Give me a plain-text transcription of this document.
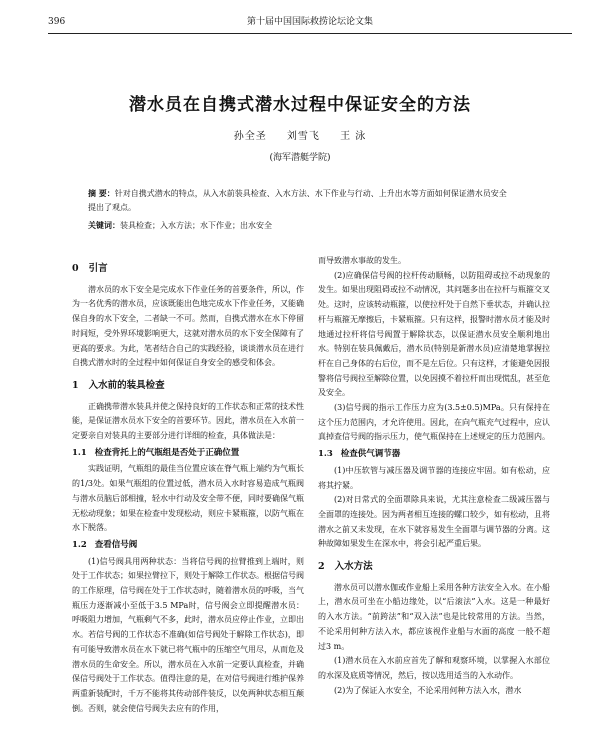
396	第十届中国国际救捞论坛论文集
潜水员在自携式潜水过程中保证安全的方法
孙全圣 刘雪飞 王 泳
(海军潜艇学院)
摘 要：针对自携式潜水的特点，从入水前装具检查、入水方法、水下作业与行动、上升出水等方面如何保证潜水员安全提出了观点。
关键词：装具检查；入水方法；水下作业；出水安全
0 引言

潜水员的水下安全是完成水下作业任务的首要条件，所以，作为一名优秀的潜水员，应该既能出色地完成水下作业任务，又能确保自身的水下安全，二者缺一不可。然而，自携式潜水在水下停留时间短，受外界环境影响更大，这就对潜水员的水下安全保障有了更高的要求。为此，笔者结合自己的实践经验，谈谈潜水员在进行自携式潜水时的全过程中如何保证自身安全的感受和体会。

1 入水前的装具检查

正确携带潜水装具并使之保持良好的工作状态和正常的技术性能，是保证潜水员水下安全的首要环节。因此，潜水员在入水前一定要亲自对装具的主要部分进行详细的检查，具体做法是：

1.1 检查背托上的气瓶组是否处于正确位置

实践证明，气瓶组的最佳当位置应该在脊气瓶上端约为气瓶长的1/3处。如果气瓶组的位置过低，潜水员入水时容易造成气瓶阀与潜水员脑后部相撞，轻水中行动及安全带不便，同时要确保气瓶无松动现象；如果在检查中发现松动，则应卡紧瓶箍，以防气瓶在水下脱落。

1.2 查看信号阀

(1)信号阀具用两种状态：当将信号阀的拉臂推到上端时，则处于工作状态；如果拉臂拉下，则处于解除工作状态。根据信号阀的工作原理，信号阀在处于工作状态时，随着潜水员的呼吸，当气瓶压力逐渐减小至低于3.5 MPa时，信号阀会立即提醒潜水员：呼吸阻力增加，气瓶剩气不多，此时，潜水员应停止作业，立即出水。若信号阀的工作状态不准确(如信号阀处于解除工作状态)，即有可能导致潜水员在水下就已将气瓶中的压缩空气用尽，从而危及潜水员的生命安全。所以，潜水员在入水前一定要认真检查，并确保信号阀处于工作状态。值得注意的是，在对信号阀进行维护保养两重新装配时，千万不能将其传动部件装反，以免两种状态相互颠倒。否则，就会使信号阀失去应有的作用，

而导致潜水事故的发生。

(2)应确保信号阀的拉杆传动顺畅，以防阻碍或拉不动现象的发生。如果出现阻碍或拉不动情况，其问题多出在拉杆与瓶箍交叉处。这时，应该转动瓶箍，以使拉杆处于自然下垂状态，并确认拉杆与瓶箍无摩擦后，卡紧瓶箍。只有这样，报警时潜水员才能及时地通过拉杆将信号阀置于解除状态，以保证潜水员安全顺利地出水。特别在装具佩戴后，潜水员(特别是新潜水员)应清楚地掌握拉杆在自己身体的右后位，而不是左后位。只有这样，才能避免因报警将信号阀拉至解除位置，以免因摸不着拉杆而出现慌乱，甚至危及安全。

(3)信号阀的指示工作压力应为(3.5±0.5)MPa。只有保持在这个压力范围内，才允许使用。因此，在向气瓶充气过程中，应认真掉查信号阀的指示压力，使气瓶保持在上述规定的压力范围内。

1.3 检查供气调节器

(1)中压软管与减压器及调节器的连接应牢固。如有松动，应将其拧紧。

(2)对日常式的全面罩除具来说，尤其注意检查二级减压器与全面罩的连接处。因为两者相互连接的螺口较少，如有松动，且将潜水之前又未发现，在水下就容易发生全面罩与调节器的分离。这种故障如果发生在深水中，将会引起严重后果。

2 入水方法

潜水员可以潜水伽或作业船上采用各种方法安全入水。在小船上，潜水员可坐在小船边缘处，以“后滚法”入水。这是一种最好的入水方法。“前跨法”和“双入法”也是比较常用的方法。当然，不论采用何种方法入水，都应该视作业船与水面的高度 一般不超过3 m。

(1)潜水员在入水前应首先了解和观察环境，以掌握入水部位的水深及底质等情况，然后，按以选用适当的入水动作。

(2)为了保证入水安全，不论采用何种方法入水，潜水
